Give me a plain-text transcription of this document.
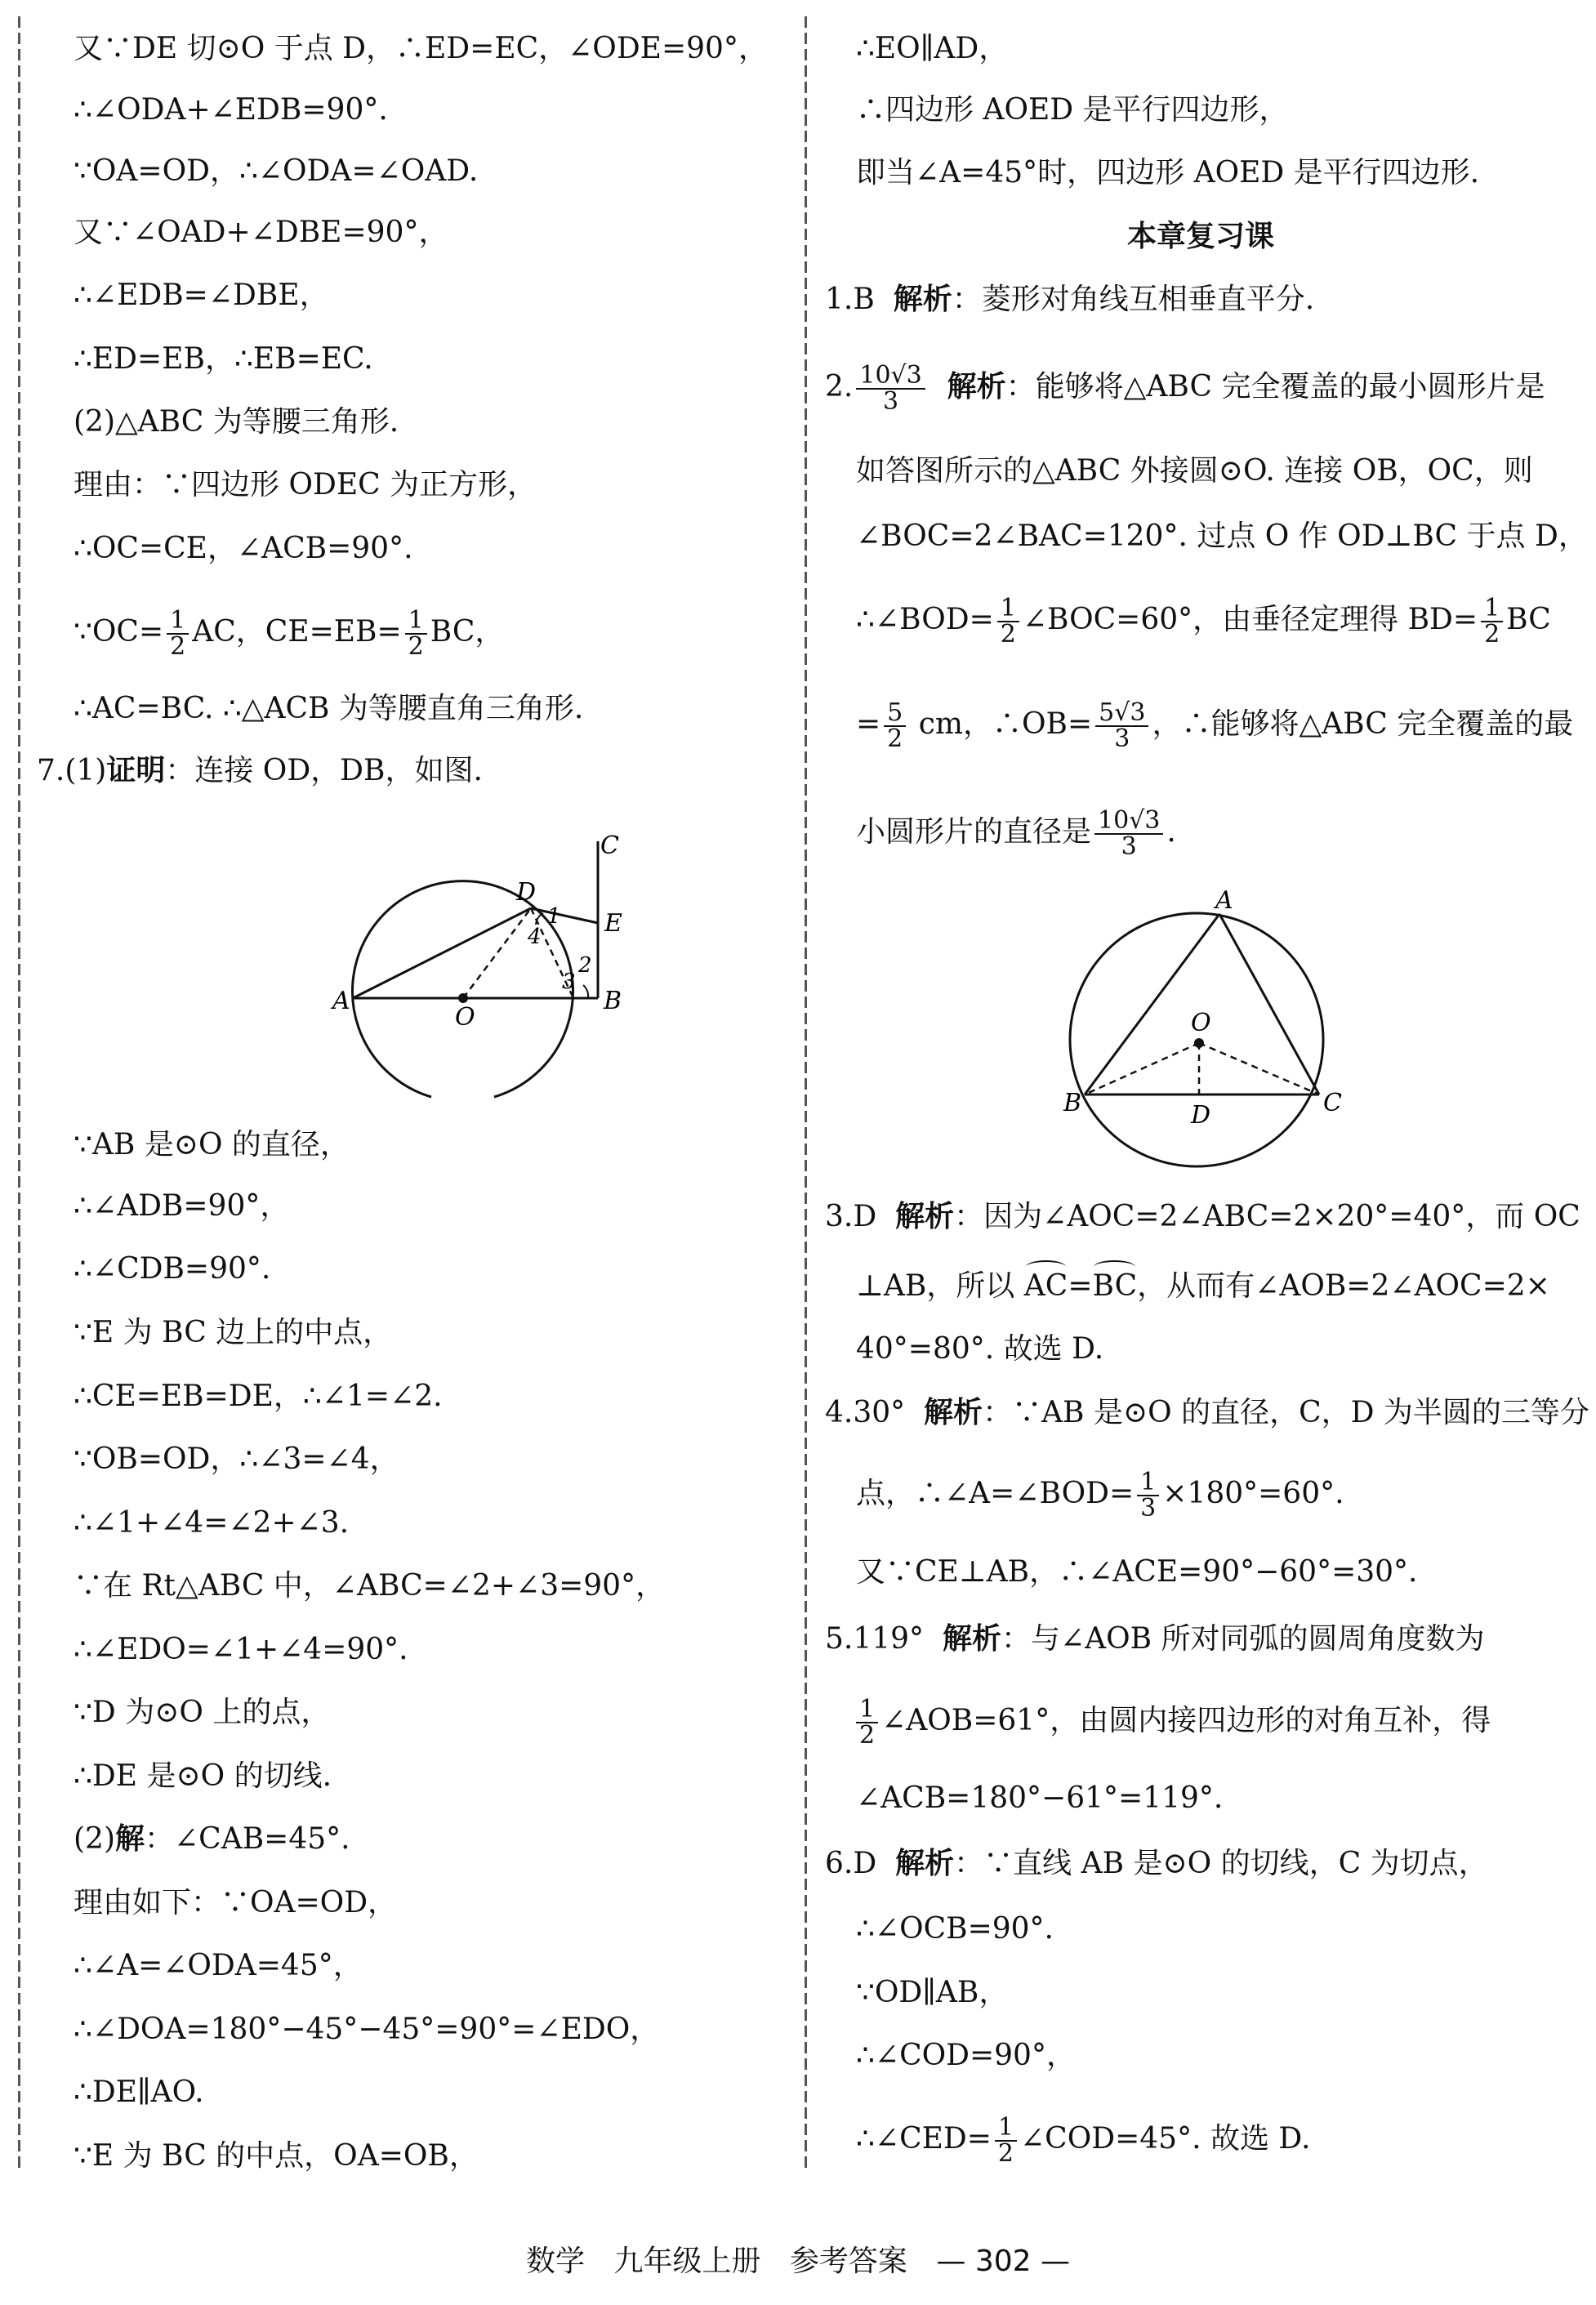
又∵DE 切⊙O 于点 D，∴ED=EC，∠ODE=90°，
∴∠ODA+∠EDB=90°.
∵OA=OD，∴∠ODA=∠OAD.
又∵∠OAD+∠DBE=90°，
∴∠EDB=∠DBE，
∴ED=EB，∴EB=EC.
(2)△ABC 为等腰三角形.
理由：∵四边形 ODEC 为正方形，
∴OC=CE，∠ACB=90°.
∵OC= $\frac{1}{2}$ AC，$CE=EB= \frac{1}{2}$ BC，
∴AC=BC. ∴△ACB 为等腰直角三角形.
7.(1)证明：连接 OD，DB，如图.
A	B
C
D
E
O
1
2
3
4
∵AB 是⊙O 的直径，
∴∠ADB=90°，
∴∠CDB=90°.
∵E 为 BC 边上的中点，
∴CE=EB=DE，∴∠1=∠2.
∵OB=OD，∴∠3=∠4，
∴∠1+∠4=∠2+∠3.
∵在 Rt△ABC 中，∠ABC=∠2+∠3=90°，
∴∠EDO=∠1+∠4=90°.
∵D 为⊙O 上的点，
∴DE 是⊙O 的切线.
(2)解：∠CAB=45°.
理由如下：∵OA=OD，
∴∠A=∠ODA=45°，
∴∠DOA=180°−45°−45°=90°=∠EDO，
∴DE∥AO.
∵E 为 BC 的中点，OA=OB，
∴EO∥AD，
∴四边形 AOED 是平行四边形，
即当∠A=45°时，四边形 AOED 是平行四边形.
本章复习课
1.B 解析：菱形对角线互相垂直平分.
2. $\frac{10√3}{3}$ 解析：能够将△ABC 完全覆盖的最小圆形片是
如答图所示的△ABC 外接圆⊙O. 连接 OB，OC，则
∠BOC=2∠BAC=120°. 过点 O 作 OD⊥BC 于点 D，
∴∠BOD= $\frac{1}{2}$ ∠BOC=60°，由垂径定理得 $BD= \frac{1}{2}$ BC
= $\frac{5}{2}$ cm，∴OB= $\frac{5√3}{3}$ ，∴能够将△ABC 完全覆盖的最
小圆形片的直径是 $\frac{10√3}{3}$ .
A
B	C
D
O
3.D 解析：因为∠AOC=2∠ABC=2×20°=40°，而 OC
⊥AB，所以 AC=BC，从而有∠AOB=2∠AOC=2×
40°=80°. 故选 D.
4.30° 解析：∵AB 是⊙O 的直径，C，D 为半圆的三等分
点，∴∠A=∠BOD= $\frac{1}{3} \times 180^\circ=60^\circ$.
又∵CE⊥AB，∴∠ACE=90°−60°=30°.
5.119° 解析：与∠AOB 所对同弧的圆周角度数为
$\frac{1}{2}$ ∠AOB=61°，由圆内接四边形的对角互补，得
∠ACB=180°−61°=119°.
6.D 解析：∵直线 AB 是⊙O 的切线，C 为切点，
∴∠OCB=90°.
∵OD∥AB，
∴∠COD=90°，
∴∠CED= $\frac{1}{2}$ ∠COD=45°. 故选 D.
数学 九年级上册 参考答案 — 302 —
